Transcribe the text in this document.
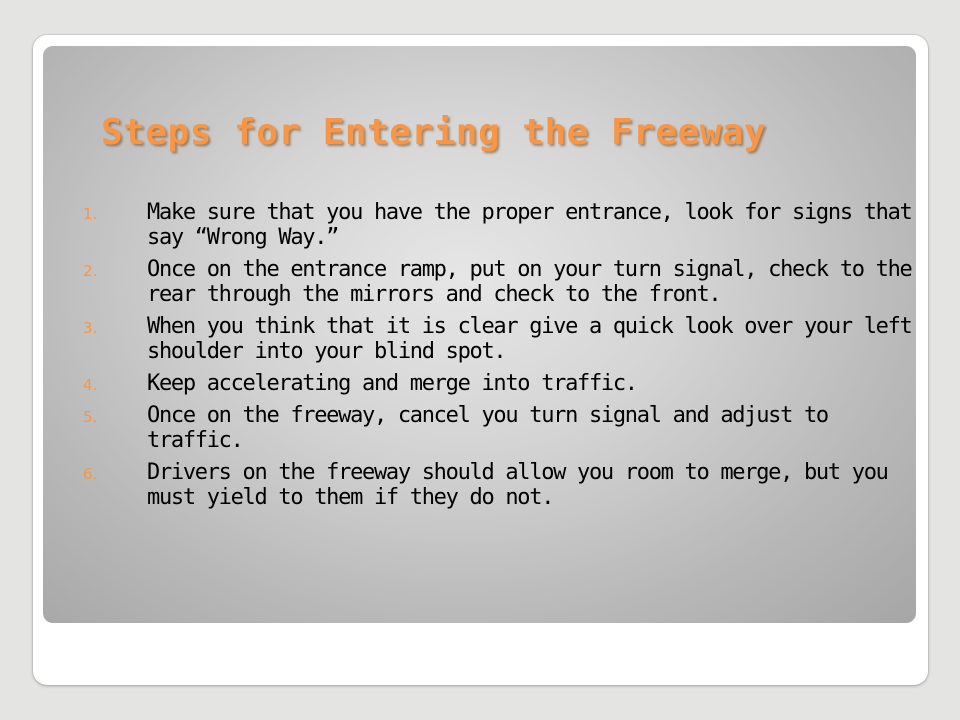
Steps for Entering the Freeway
1. Make sure that you have the proper entrance, look for signs that say “Wrong Way.”
2. Once on the entrance ramp, put on your turn signal, check to the rear through the mirrors and check to the front.
3. When you think that it is clear give a quick look over your left shoulder into your blind spot.
4. Keep accelerating and merge into traffic.
5. Once on the freeway, cancel you turn signal and adjust to traffic.
6. Drivers on the freeway should allow you room to merge, but you must yield to them if they do not.
